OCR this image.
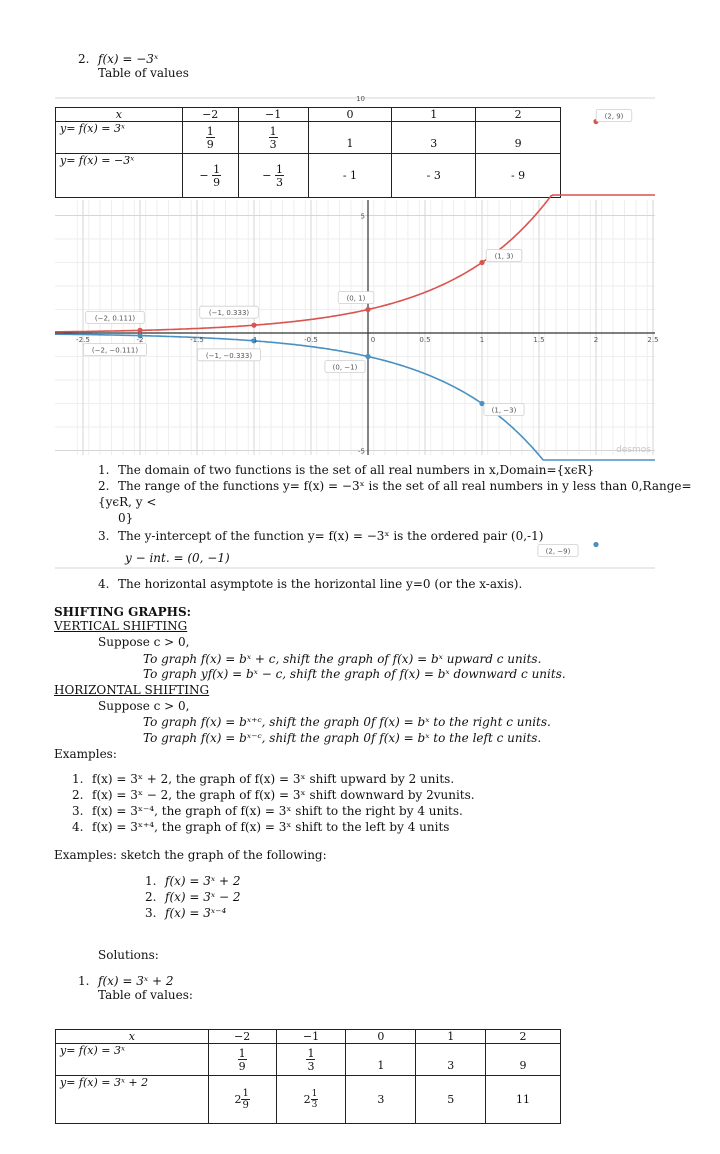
2. f(x) = −3ˣ
Table of values
x	−2	−1	0	1	2
y= f(x) = 3ˣ	$\frac{1}{9}$	$\frac{1}{3}$	1	3	9
y= f(x) = −3ˣ	− $\frac{1}{9}$	− $\frac{1}{3}$	- 1	- 3	- 9
-2.5	-2	-1.5	-1	-0.5	0	0.5	1	1.5	2	2.5
10
5
-5
(−2, 0.111)
(−1, 0.333)
(0, 1)
(1, 3)
(2, 9)
(−2, −0.111)
(−1, −0.333)
(0, −1)
(1, −3)
(2, −9)
desmos
1. The domain of two functions is the set of all real numbers in x,Domain={xϵR}
2. The range of the functions y= f(x) = −3ˣ is the set of all real numbers in y less than 0,Range={yϵR, y <
0}
3. The y-intercept of the function y= f(x) = −3ˣ is the ordered pair (0,-1)
y − int. = (0, −1)
4. The horizontal asymptote is the horizontal line y=0 (or the x-axis).
SHIFTING GRAPHS:
VERTICAL SHIFTING
Suppose c > 0,
To graph f(x) = bˣ + c, shift the graph of f(x) = bˣ upward c units.
To graph yf(x) = bˣ − c, shift the graph of f(x) = bˣ downward c units.
HORIZONTAL SHIFTING
Suppose c > 0,
To graph f(x) = bˣ⁺ᶜ, shift the graph 0f f(x) = bˣ to the right c units.
To graph f(x) = bˣ⁻ᶜ, shift the graph 0f f(x) = bˣ to the left c units.
Examples:
1. f(x) = 3ˣ + 2, the graph of f(x) = 3ˣ shift upward by 2 units.
2. f(x) = 3ˣ − 2, the graph of f(x) = 3ˣ shift downward by 2vunits.
3. f(x) = 3ˣ⁻⁴, the graph of f(x) = 3ˣ shift to the right by 4 units.
4. f(x) = 3ˣ⁺⁴, the graph of f(x) = 3ˣ shift to the left by 4 units
Examples: sketch the graph of the following:
1. f(x) = 3ˣ + 2
2. f(x) = 3ˣ − 2
3. f(x) = 3ˣ⁻⁴
Solutions:
1. f(x) = 3ˣ + 2
Table of values:
x	−2	−1	0	1	2
y= f(x) = 3ˣ	$\frac{1}{9}$	$\frac{1}{3}$	1	3	9
y= f(x) = 3ˣ + 2	$2 \frac{1}{9}$	$2 \frac{1}{3}$	3	5	11
